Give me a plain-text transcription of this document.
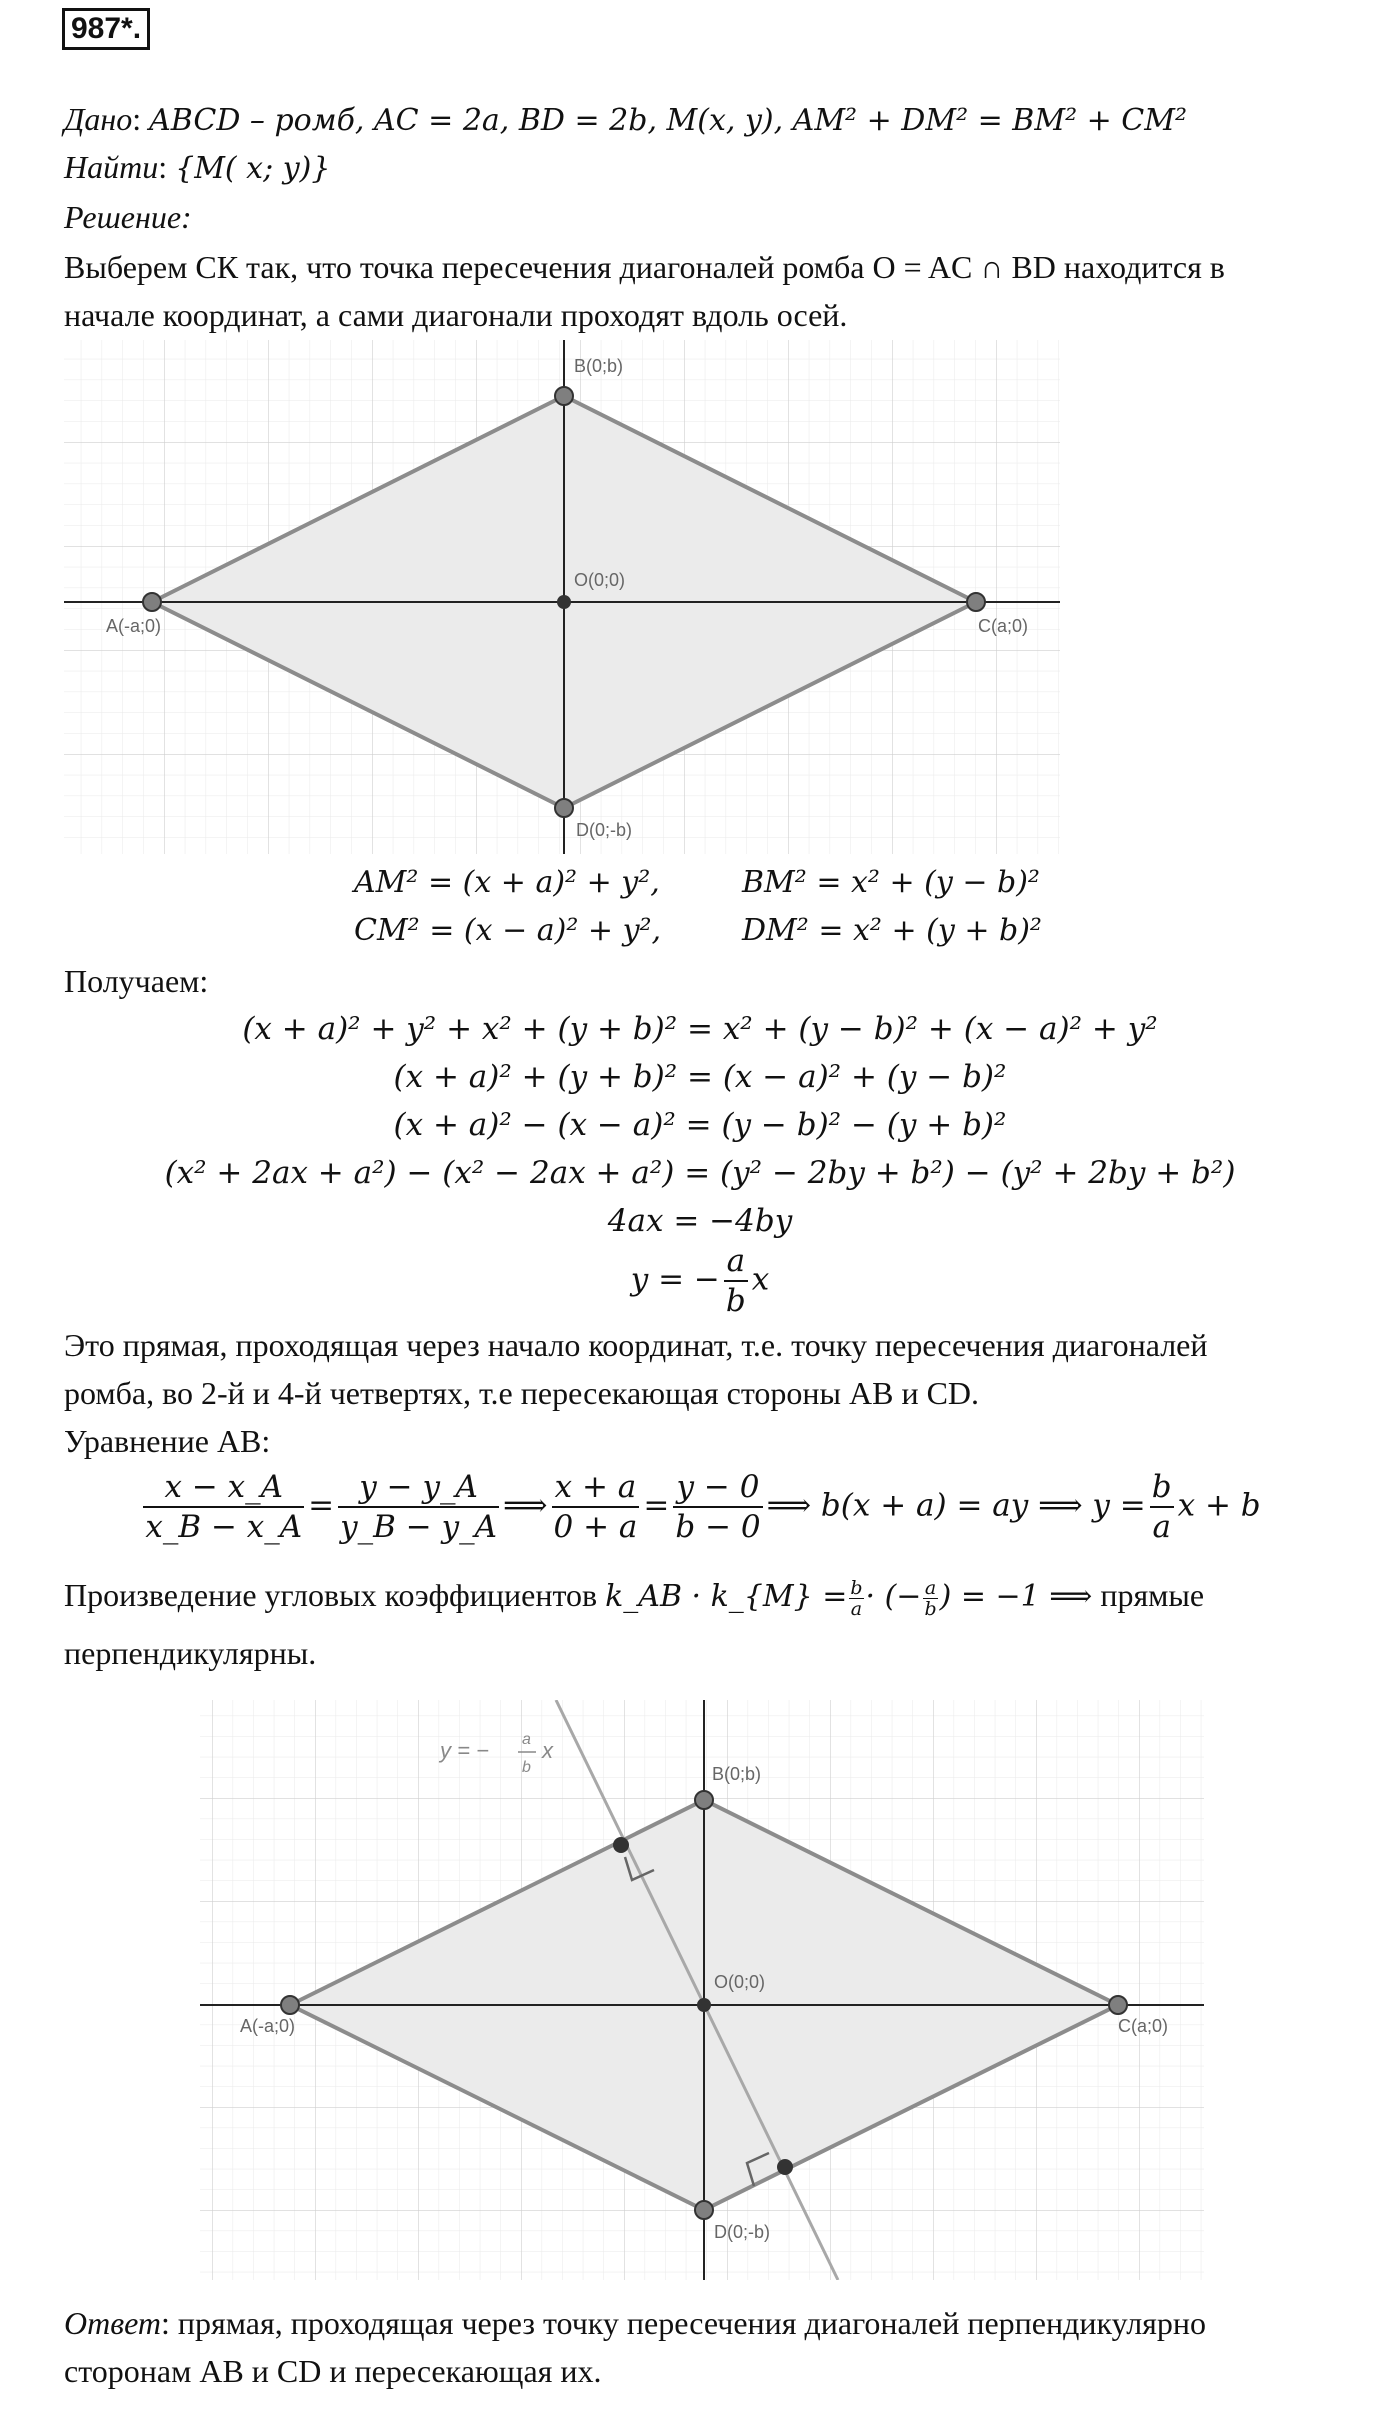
987*.
Дано: ABCD – ромб, AC = 2a, BD = 2b, M(x, y), AM² + DM² = BM² + CM²
Найти: {M( x; y)}
Решение:
Выберем СК так, что точка пересечения диагоналей ромба O = AC ∩ BD находится в
начале координат, а сами диагонали проходят вдоль осей.
A(-a;0)
B(0;b)
C(a;0)
D(0;-b)
O(0;0)
AM² = (x + a)² + y²,	BM² = x² + (y − b)²
CM² = (x − a)² + y²,	DM² = x² + (y + b)²
Получаем:
(x + a)² + y² + x² + (y + b)² = x² + (y − b)² + (x − a)² + y²
(x + a)² + (y + b)² = (x − a)² + (y − b)²
(x + a)² − (x − a)² = (y − b)² − (y + b)²
(x² + 2ax + a²) − (x² − 2ax + a²) = (y² − 2by + b²) − (y² + 2by + b²)
4ax = −4by
y = − $\frac{a}{b}$ x
Это прямая, проходящая через начало координат, т.е. точку пересечения диагоналей
ромба, во 2-й и 4-й четвертях, т.е пересекающая стороны AB и CD.
Уравнение AB:
$\frac{x - x\_A}{x\_B - x\_A} = \frac{y - y\_A}{y\_B - y\_A}$ ⟹ $\frac{x + a}{0 + a} = \frac{y - 0}{b - 0}$ ⟹ b(x + a) = ay ⟹ $y = \frac{b}{a}$ x + b
Произведение угловых коэффициентов k_AB · k_{M} = $\frac{b}{a}$ · (− $\frac{a}{b}$ ) = −1 ⟹ прямые
перпендикулярны.
A(-a;0)
B(0;b)
C(a;0)
D(0;-b)
O(0;0)
y = − a
b
x
Ответ: прямая, проходящая через точку пересечения диагоналей перпендикулярно
сторонам AB и CD и пересекающая их.
